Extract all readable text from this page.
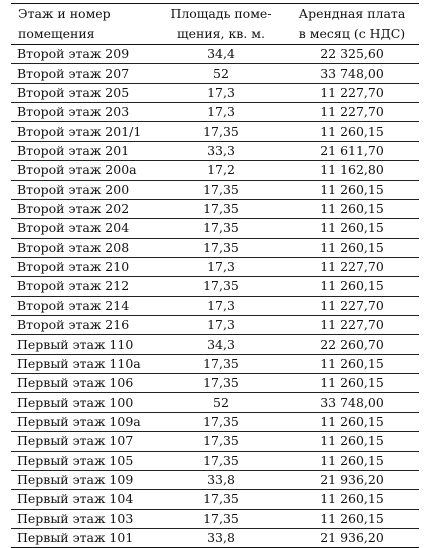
Этаж и номер	Площадь поме-	Арендная плата
помещения	щения, кв. м.	в месяц (с НДС)
Второй этаж 209	34,4	22 325,60
Второй этаж 207	52	33 748,00
Второй этаж 205	17,3	11 227,70
Второй этаж 203	17,3	11 227,70
Второй этаж 201/1	17,35	11 260,15
Второй этаж 201	33,3	21 611,70
Второй этаж 200а	17,2	11 162,80
Второй этаж 200	17,35	11 260,15
Второй этаж 202	17,35	11 260,15
Второй этаж 204	17,35	11 260,15
Второй этаж 208	17,35	11 260,15
Второй этаж 210	17,3	11 227,70
Второй этаж 212	17,35	11 260,15
Второй этаж 214	17,3	11 227,70
Второй этаж 216	17,3	11 227,70
Первый этаж 110	34,3	22 260,70
Первый этаж 110а	17,35	11 260,15
Первый этаж 106	17,35	11 260,15
Первый этаж 100	52	33 748,00
Первый этаж 109а	17,35	11 260,15
Первый этаж 107	17,35	11 260,15
Первый этаж 105	17,35	11 260,15
Первый этаж 109	33,8	21 936,20
Первый этаж 104	17,35	11 260,15
Первый этаж 103	17,35	11 260,15
Первый этаж 101	33,8	21 936,20
